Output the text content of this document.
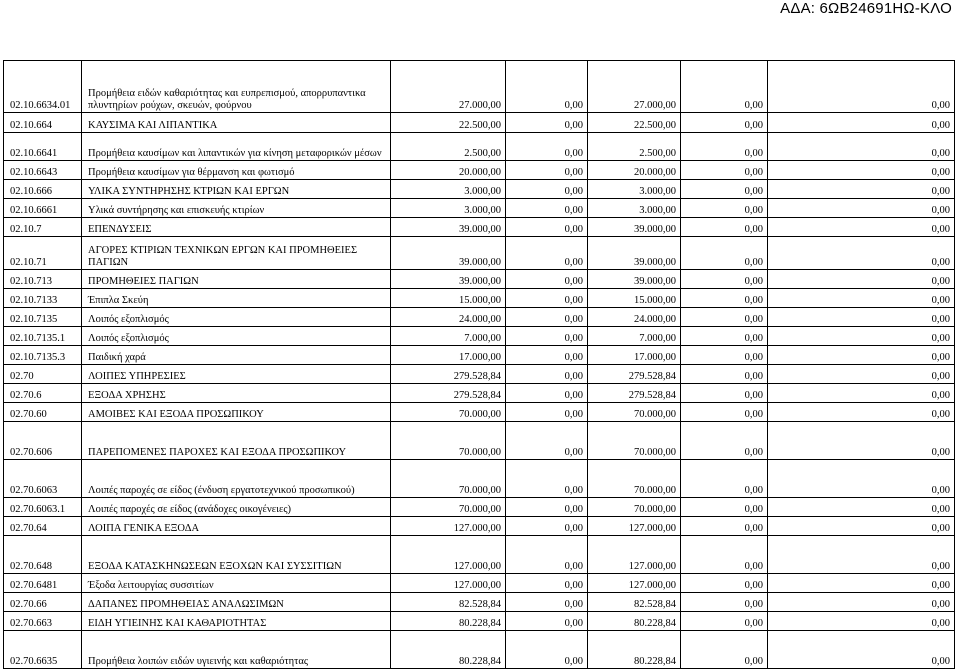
ΑΔΑ: 6ΩΒ24691ΗΩ-ΚΛΟ
02.10.6634.01	Προμήθεια ειδών καθαριότητας και ευπρεπισμού, απορρυπαντικα πλυντηρίων ρούχων, σκευών, φούρνου	27.000,00	0,00	27.000,00	0,00	0,00
02.10.664	ΚΑΥΣΙΜΑ ΚΑΙ ΛΙΠΑΝΤΙΚΑ	22.500,00	0,00	22.500,00	0,00	0,00
02.10.6641	Προμήθεια καυσίμων και λιπαντικών για κίνηση μεταφορικών μέσων	2.500,00	0,00	2.500,00	0,00	0,00
02.10.6643	Προμήθεια καυσίμων για θέρμανση και φωτισμό	20.000,00	0,00	20.000,00	0,00	0,00
02.10.666	ΥΛΙΚΑ ΣΥΝΤΗΡΗΣΗΣ ΚΤΡΙΩΝ ΚΑΙ ΕΡΓΩΝ	3.000,00	0,00	3.000,00	0,00	0,00
02.10.6661	Υλικά συντήρησης και επισκευής κτιρίων	3.000,00	0,00	3.000,00	0,00	0,00
02.10.7	ΕΠΕΝΔΥΣΕΙΣ	39.000,00	0,00	39.000,00	0,00	0,00
02.10.71	ΑΓΟΡΕΣ ΚΤΙΡΙΩΝ ΤΕΧΝΙΚΩΝ ΕΡΓΩΝ ΚΑΙ ΠΡΟΜΗΘΕΙΕΣ ΠΑΓΙΩΝ	39.000,00	0,00	39.000,00	0,00	0,00
02.10.713	ΠΡΟΜΗΘΕΙΕΣ ΠΑΓΙΩΝ	39.000,00	0,00	39.000,00	0,00	0,00
02.10.7133	Έπιπλα Σκεύη	15.000,00	0,00	15.000,00	0,00	0,00
02.10.7135	Λοιπός εξοπλισμός	24.000,00	0,00	24.000,00	0,00	0,00
02.10.7135.1	Λοιπός εξοπλισμός	7.000,00	0,00	7.000,00	0,00	0,00
02.10.7135.3	Παιδική χαρά	17.000,00	0,00	17.000,00	0,00	0,00
02.70	ΛΟΙΠΕΣ ΥΠΗΡΕΣΙΕΣ	279.528,84	0,00	279.528,84	0,00	0,00
02.70.6	ΕΞΟΔΑ ΧΡΗΣΗΣ	279.528,84	0,00	279.528,84	0,00	0,00
02.70.60	ΑΜΟΙΒΕΣ ΚΑΙ ΕΞΟΔΑ ΠΡΟΣΩΠΙΚΟΥ	70.000,00	0,00	70.000,00	0,00	0,00
02.70.606	ΠΑΡΕΠΟΜΕΝΕΣ ΠΑΡΟΧΕΣ ΚΑΙ ΕΞΟΔΑ ΠΡΟΣΩΠΙΚΟΥ	70.000,00	0,00	70.000,00	0,00	0,00
02.70.6063	Λοιπές παροχές σε είδος (ένδυση εργατοτεχνικού προσωπικού)	70.000,00	0,00	70.000,00	0,00	0,00
02.70.6063.1	Λοιπές παροχές σε είδος (ανάδοχες οικογένειες)	70.000,00	0,00	70.000,00	0,00	0,00
02.70.64	ΛΟΙΠΑ ΓΕΝΙΚΑ ΕΞΟΔΑ	127.000,00	0,00	127.000,00	0,00	0,00
02.70.648	ΕΞΟΔΑ ΚΑΤΑΣΚΗΝΩΣΕΩΝ ΕΞΟΧΩΝ ΚΑΙ ΣΥΣΣΙΤΙΩΝ	127.000,00	0,00	127.000,00	0,00	0,00
02.70.6481	Έξοδα λειτουργίας συσσιτίων	127.000,00	0,00	127.000,00	0,00	0,00
02.70.66	ΔΑΠΑΝΕΣ ΠΡΟΜΗΘΕΙΑΣ ΑΝΑΛΩΣΙΜΩΝ	82.528,84	0,00	82.528,84	0,00	0,00
02.70.663	ΕΙΔΗ ΥΓΙΕΙΝΗΣ ΚΑΙ ΚΑΘΑΡΙΟΤΗΤΑΣ	80.228,84	0,00	80.228,84	0,00	0,00
02.70.6635	Προμήθεια λοιπών ειδών υγιεινής και καθαριότητας	80.228,84	0,00	80.228,84	0,00	0,00
